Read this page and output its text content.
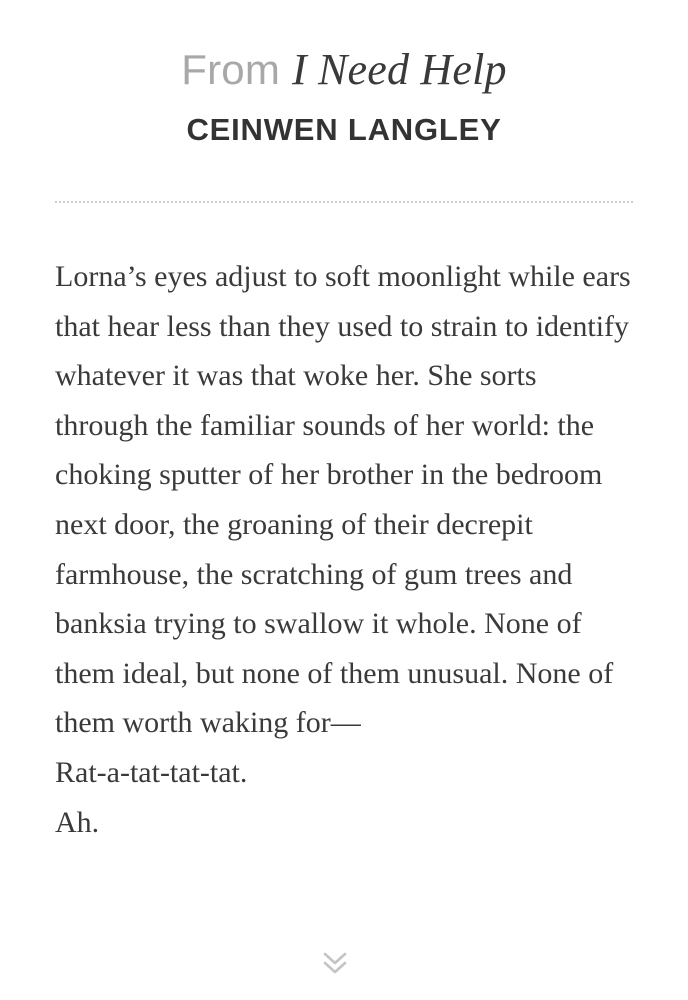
From I Need Help
CEINWEN LANGLEY

Lorna’s eyes adjust to soft moonlight while ears that hear less than they used to strain to identify whatever it was that woke her. She sorts through the familiar sounds of her world: the choking sputter of her brother in the bedroom next door, the groaning of their decrepit farmhouse, the scratching of gum trees and banksia trying to swallow it whole. None of them ideal, but none of them unusual. None of them worth waking for—

Rat-a-tat-tat-tat.

Ah.
